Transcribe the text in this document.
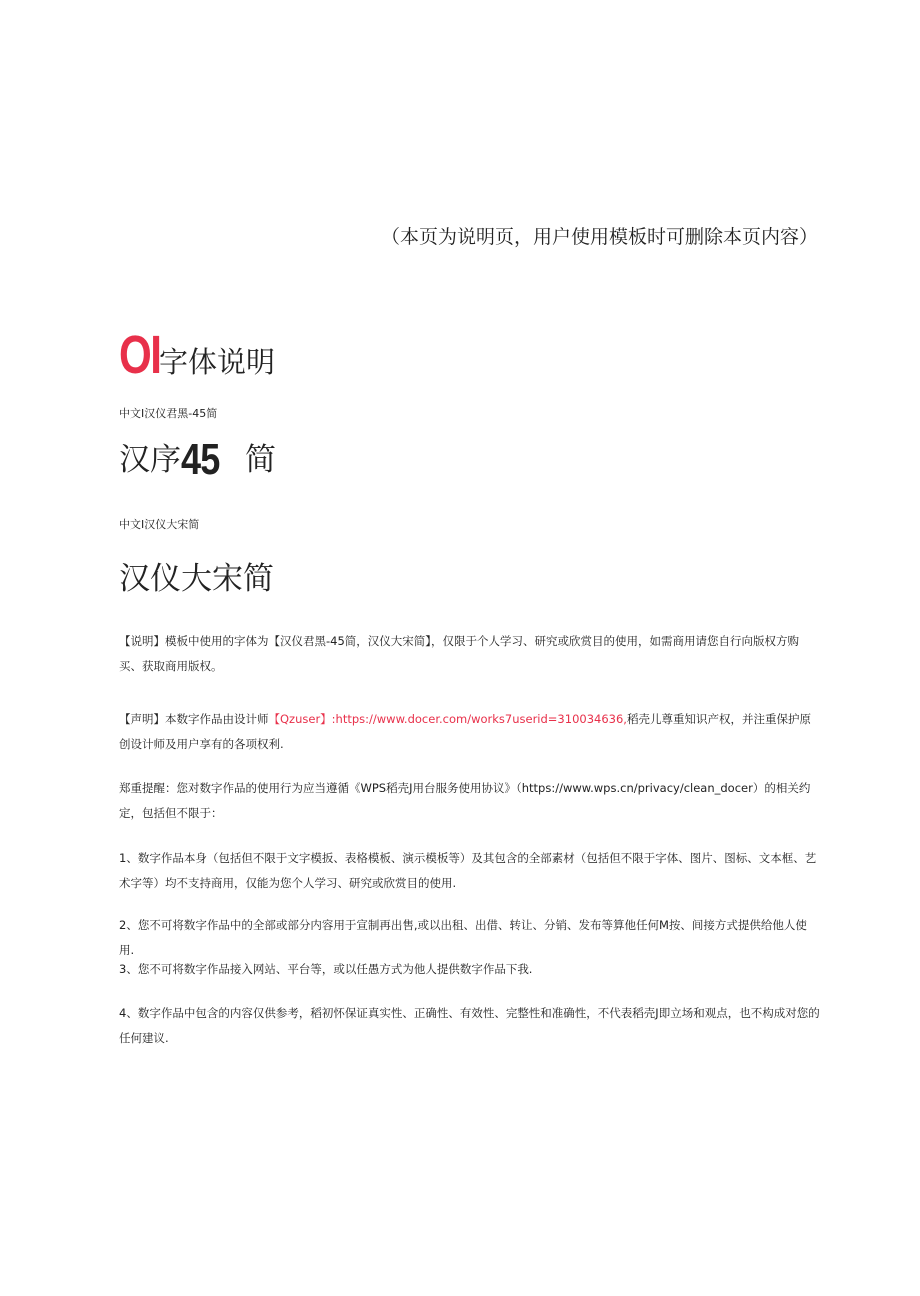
（本页为说明页，用户使用模板时可删除本页内容）
OI
字体说明
中文I汉仪君黑-45简
汉序 45 简
中文I汉仪大宋简
汉仪大宋简
【说明】模板中使用的字体为【汉仪君黑-45简，汉仪大宋简】，仅限于个人学习、研究或欣赏目的使用，如需商用请您自行向版权方购买、获取商用版权。
【声明】本数字作品由设计师【Qzuser】:https://www.docer.com/works7userid=310034636,稻壳儿尊重知识产权，并注重保护原创设计师及用户享有的各项权利.
郑重提醒：您对数字作品的使用行为应当遵循《WPS稻壳J用台服务使用协议》（https://www.wps.cn/privacy/clean_docer）的相关约定，包括但不限于：
1、数字作品本身（包括但不限于文字模扳、表格模板、演示模板等）及其包含的全部素材（包括但不限于字体、图片、图标、文本框、艺术字等）均不支持商用，仅能为您个人学习、研究或欣赏目的使用.
2、您不可将数字作品中的全部或部分内容用于宣制再出售,或以出租、出借、转让、分销、发布等算他任何M按、间接方式提供给他人使用.
3、您不可将数字作品接入网站、平台等，或以任愚方式为他人提供数字作品下我.
4、数字作品中包含的内容仅供参考，稻初怀保证真实性、正确性、有效性、完整性和准确性，不代表稻壳J即立场和观点，也不构成对您的任何建议.
